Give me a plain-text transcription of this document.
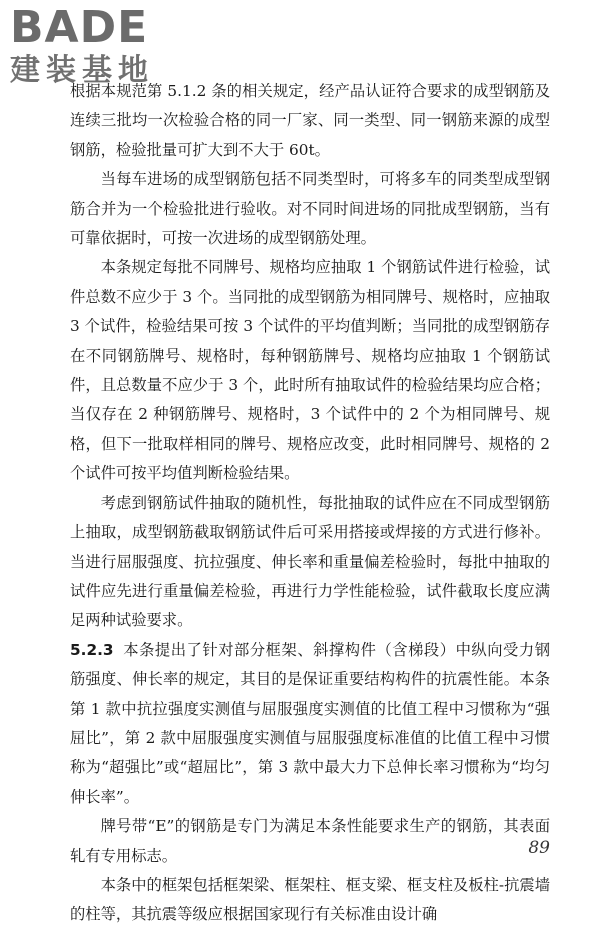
BADE
建装基地

根据本规范第 5.1.2 条的相关规定，经产品认证符合要求的成型钢筋及连续三批均一次检验合格的同一厂家、同一类型、同一钢筋来源的成型钢筋，检验批量可扩大到不大于 60t。

当每车进场的成型钢筋包括不同类型时，可将多车的同类型成型钢筋合并为一个检验批进行验收。对不同时间进场的同批成型钢筋，当有可靠依据时，可按一次进场的成型钢筋处理。

本条规定每批不同牌号、规格均应抽取 1 个钢筋试件进行检验，试件总数不应少于 3 个。当同批的成型钢筋为相同牌号、规格时，应抽取 3 个试件，检验结果可按 3 个试件的平均值判断；当同批的成型钢筋存在不同钢筋牌号、规格时，每种钢筋牌号、规格均应抽取 1 个钢筋试件，且总数量不应少于 3 个，此时所有抽取试件的检验结果均应合格；当仅存在 2 种钢筋牌号、规格时，3 个试件中的 2 个为相同牌号、规格，但下一批取样相同的牌号、规格应改变，此时相同牌号、规格的 2 个试件可按平均值判断检验结果。

考虑到钢筋试件抽取的随机性，每批抽取的试件应在不同成型钢筋上抽取，成型钢筋截取钢筋试件后可采用搭接或焊接的方式进行修补。当进行屈服强度、抗拉强度、伸长率和重量偏差检验时，每批中抽取的试件应先进行重量偏差检验，再进行力学性能检验，试件截取长度应满足两种试验要求。

5.2.3 本条提出了针对部分框架、斜撑构件（含梯段）中纵向受力钢筋强度、伸长率的规定，其目的是保证重要结构构件的抗震性能。本条第 1 款中抗拉强度实测值与屈服强度实测值的比值工程中习惯称为“强屈比”，第 2 款中屈服强度实测值与屈服强度标准值的比值工程中习惯称为“超强比”或“超屈比”，第 3 款中最大力下总伸长率习惯称为“均匀伸长率”。

牌号带“E”的钢筋是专门为满足本条性能要求生产的钢筋，其表面轧有专用标志。

本条中的框架包括框架梁、框架柱、框支梁、框支柱及板柱-抗震墙的柱等，其抗震等级应根据国家现行有关标准由设计确

89
